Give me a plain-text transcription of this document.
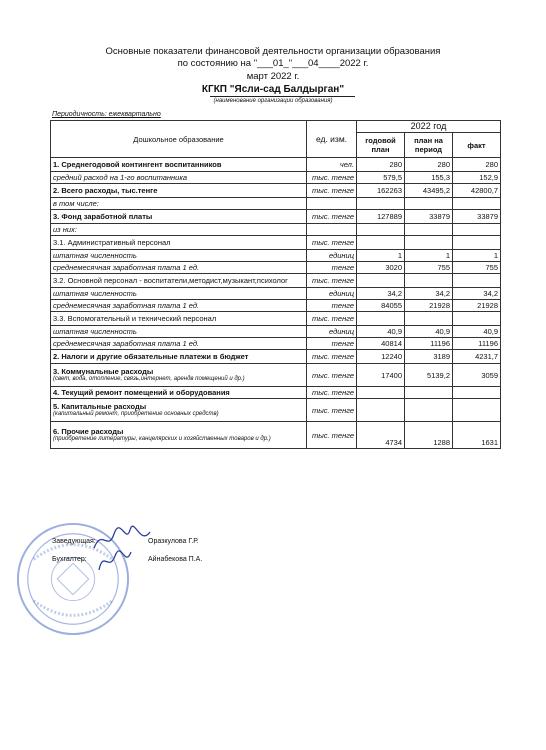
Основные показатели финансовой деятельности организации образования
по состоянию на "___01_"___04____2022 г.
март 2022 г.
КГКП "Ясли-сад Балдырган"
(наименование организации образования)
Периодичность: ежеквартально
Дошкольное образование	ед. изм.	2022 год		
		годовой план	план на период	факт
1. Среднегодовой контингент воспитанников	чел.	280	280	280
средний расход на 1-го воспитанника	тыс. тенге	579,5	155,3	152,9
2. Всего расходы, тыс.тенге	тыс. тенге	162263	43495,2	42800,7
в том числе:				
3. Фонд заработной платы	тыс. тенге	127889	33879	33879
из них:				
3.1. Административный персонал	тыс. тенге			
штатная численность	единиц	1	1	1
среднемесячная заработная плата 1 ед.	тенге	3020	755	755
3.2. Основной персонал - воспитатели,методист,музыкант,психолог	тыс. тенге			
штатная численность	единиц	34,2	34,2	34,2
среднемесячная заработная плата 1 ед.	тенге	84055	21928	21928
3.3. Вспомогательный и технический персонал	тыс. тенге			
штатная численность	единиц	40,9	40,9	40,9
среднемесячная заработная плата 1 ед.	тенге	40814	11196	11196
2. Налоги и другие обязательные платежи в бюджет	тыс. тенге	12240	3189	4231,7
3. Коммунальные расходы
(свет, вода, отопление, связь,интернет, арендв помещений и др.)	тыс. тенге	17400	5139,2	3059
4. Текущий ремонт помещений и оборудования	тыс. тенге			
5. Капитальные расходы
(капитальный ремонт, приобретение основных средств)	тыс. тенге			
6. Прочие расходы
(приобретение литературы, канцелярских и хозяйственных товаров и др.)	тыс. тенге	4734	1288	1631
Заведующая:	Оразкулова Г.Р.
Бухгалтер:	Айнабекова П.А.
